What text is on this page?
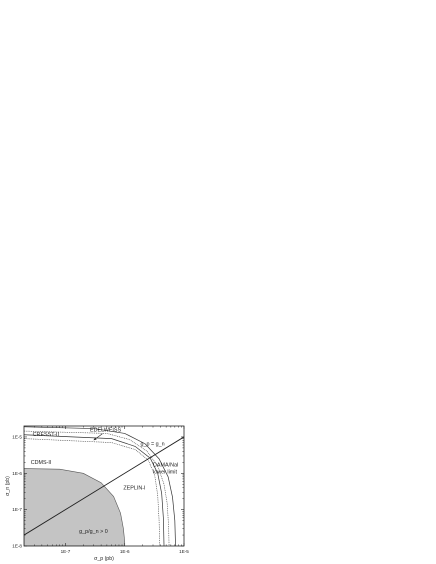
1E-7	1E-6	1E-5
1E-8
1E-7
1E-6
1E-5
σ_p (pb)
σ_n (pb)
EDELWEISS
CRESST-II
CDMS-II
g_p = g_n
DAMA/NaI
lower limit
ZEPLIN-I
g_p/g_n > 0
